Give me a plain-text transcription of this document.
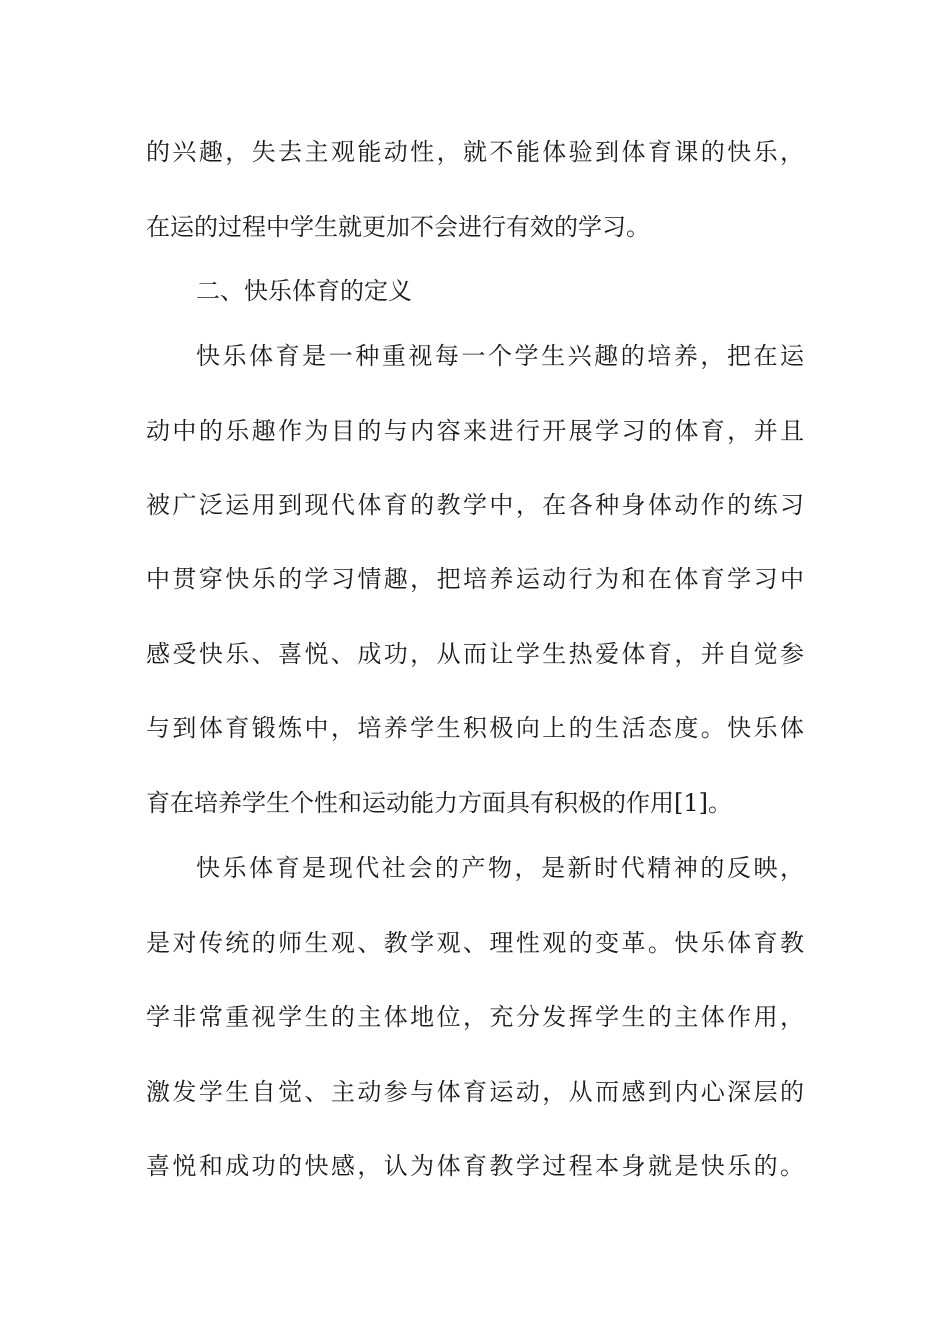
的兴趣，失去主观能动性，就不能体验到体育课的快乐，
在运的过程中学生就更加不会进行有效的学习。
二、快乐体育的定义
快乐体育是一种重视每一个学生兴趣的培养，把在运
动中的乐趣作为目的与内容来进行开展学习的体育，并且
被广泛运用到现代体育的教学中，在各种身体动作的练习
中贯穿快乐的学习情趣，把培养运动行为和在体育学习中
感受快乐、喜悦、成功，从而让学生热爱体育，并自觉参
与到体育锻炼中，培养学生积极向上的生活态度。快乐体
育在培养学生个性和运动能力方面具有积极的作用[1]。
快乐体育是现代社会的产物，是新时代精神的反映，
是对传统的师生观、教学观、理性观的变革。快乐体育教
学非常重视学生的主体地位，充分发挥学生的主体作用，
激发学生自觉、主动参与体育运动，从而感到内心深层的
喜悦和成功的快感，认为体育教学过程本身就是快乐的。
